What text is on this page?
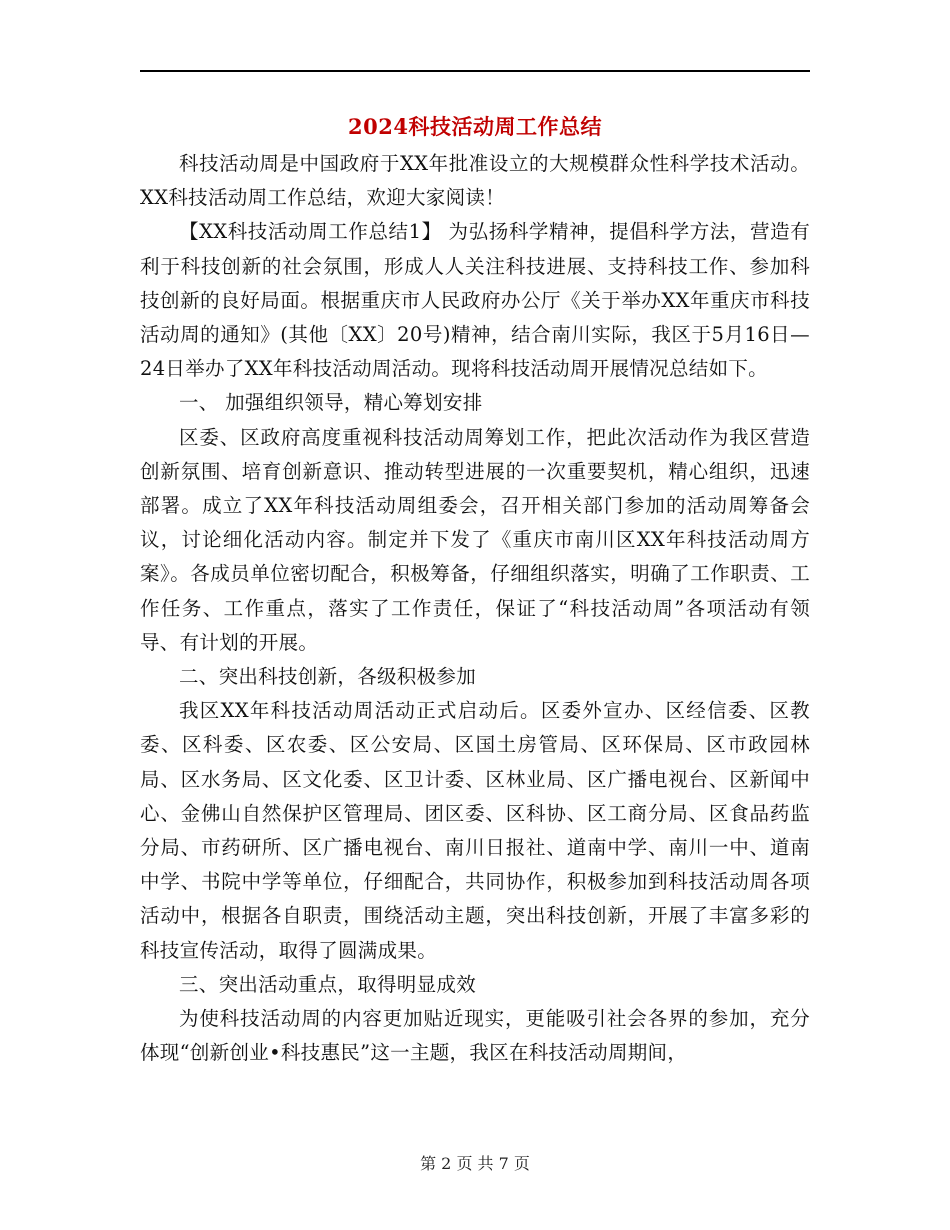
2024科技活动周工作总结

科技活动周是中国政府于XX年批准设立的大规模群众性科学技术活动。XX科技活动周工作总结，欢迎大家阅读！

【XX科技活动周工作总结1】 为弘扬科学精神，提倡科学方法，营造有利于科技创新的社会氛围，形成人人关注科技进展、支持科技工作、参加科技创新的良好局面。根据重庆市人民政府办公厅《关于举办XX年重庆市科技活动周的通知》(其他〔XX〕20号)精神，结合南川实际，我区于5月16日—24日举办了XX年科技活动周活动。现将科技活动周开展情况总结如下。

一、 加强组织领导，精心筹划安排

区委、区政府高度重视科技活动周筹划工作，把此次活动作为我区营造创新氛围、培育创新意识、推动转型进展的一次重要契机，精心组织，迅速部署。成立了XX年科技活动周组委会，召开相关部门参加的活动周筹备会议，讨论细化活动内容。制定并下发了《重庆市南川区XX年科技活动周方案》。各成员单位密切配合，积极筹备，仔细组织落实，明确了工作职责、工作任务、工作重点，落实了工作责任，保证了“科技活动周”各项活动有领导、有计划的开展。

二、突出科技创新，各级积极参加

我区XX年科技活动周活动正式启动后。区委外宣办、区经信委、区教委、区科委、区农委、区公安局、区国土房管局、区环保局、区市政园林局、区水务局、区文化委、区卫计委、区林业局、区广播电视台、区新闻中心、金佛山自然保护区管理局、团区委、区科协、区工商分局、区食品药监分局、市药研所、区广播电视台、南川日报社、道南中学、南川一中、道南中学、书院中学等单位，仔细配合，共同协作，积极参加到科技活动周各项活动中，根据各自职责，围绕活动主题，突出科技创新，开展了丰富多彩的科技宣传活动，取得了圆满成果。

三、突出活动重点，取得明显成效

为使科技活动周的内容更加贴近现实，更能吸引社会各界的参加，充分体现“创新创业•科技惠民”这一主题，我区在科技活动周期间，

第 2 页 共 7 页
